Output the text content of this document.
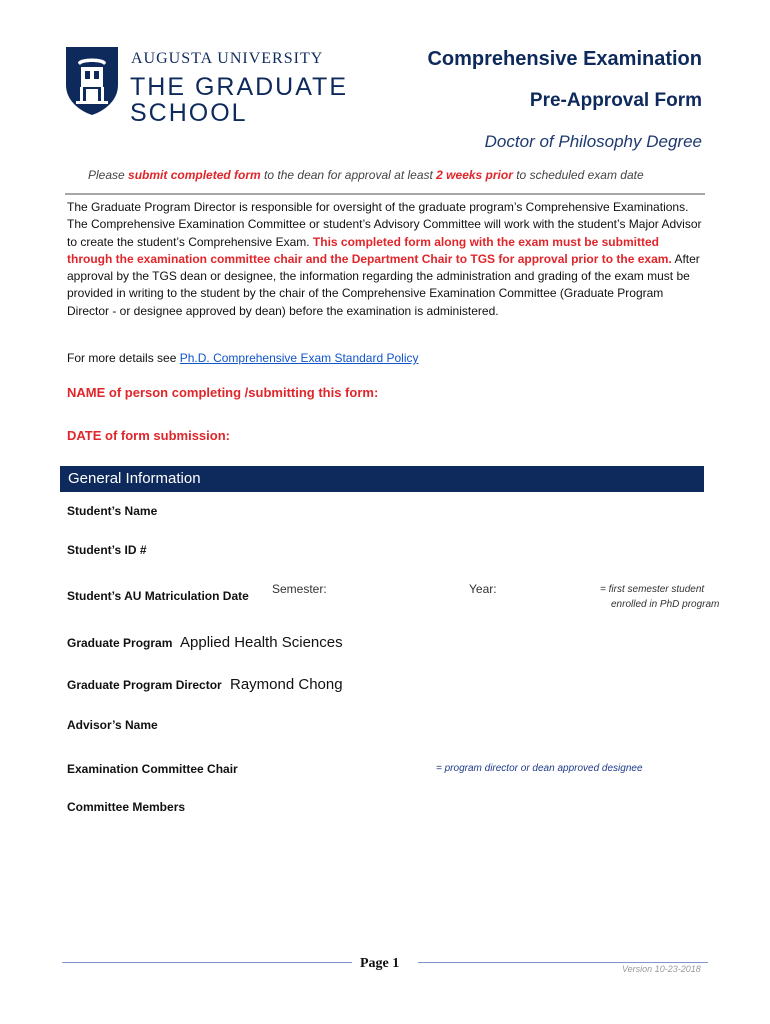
AUGUSTA UNIVERSITY
THE GRADUATE
SCHOOL
Comprehensive Examination
Pre-Approval Form
Doctor of Philosophy Degree
Please submit completed form to the dean for approval at least 2 weeks prior to scheduled exam date
The Graduate Program Director is responsible for oversight of the graduate program’s Comprehensive Examinations. The Comprehensive Examination Committee or student’s Advisory Committee will work with the student’s Major Advisor to create the student’s Comprehensive Exam. This completed form along with the exam must be submitted through the examination committee chair and the Department Chair to TGS for approval prior to the exam. After approval by the TGS dean or designee, the information regarding the administration and grading of the exam must be provided in writing to the student by the chair of the Comprehensive Examination Committee (Graduate Program Director - or designee approved by dean) before the examination is administered.
For more details see Ph.D. Comprehensive Exam Standard Policy
NAME of person completing /submitting this form:
DATE of form submission:
General Information
Student’s Name
Student’s ID #
Student’s AU Matriculation Date Semester:	Year:	= first semester student
enrolled in PhD program
Graduate Program Applied Health Sciences
Graduate Program Director Raymond Chong
Advisor’s Name
Examination Committee Chair	= program director or dean approved designee
Committee Members
Page 1	Version 10-23-2018
